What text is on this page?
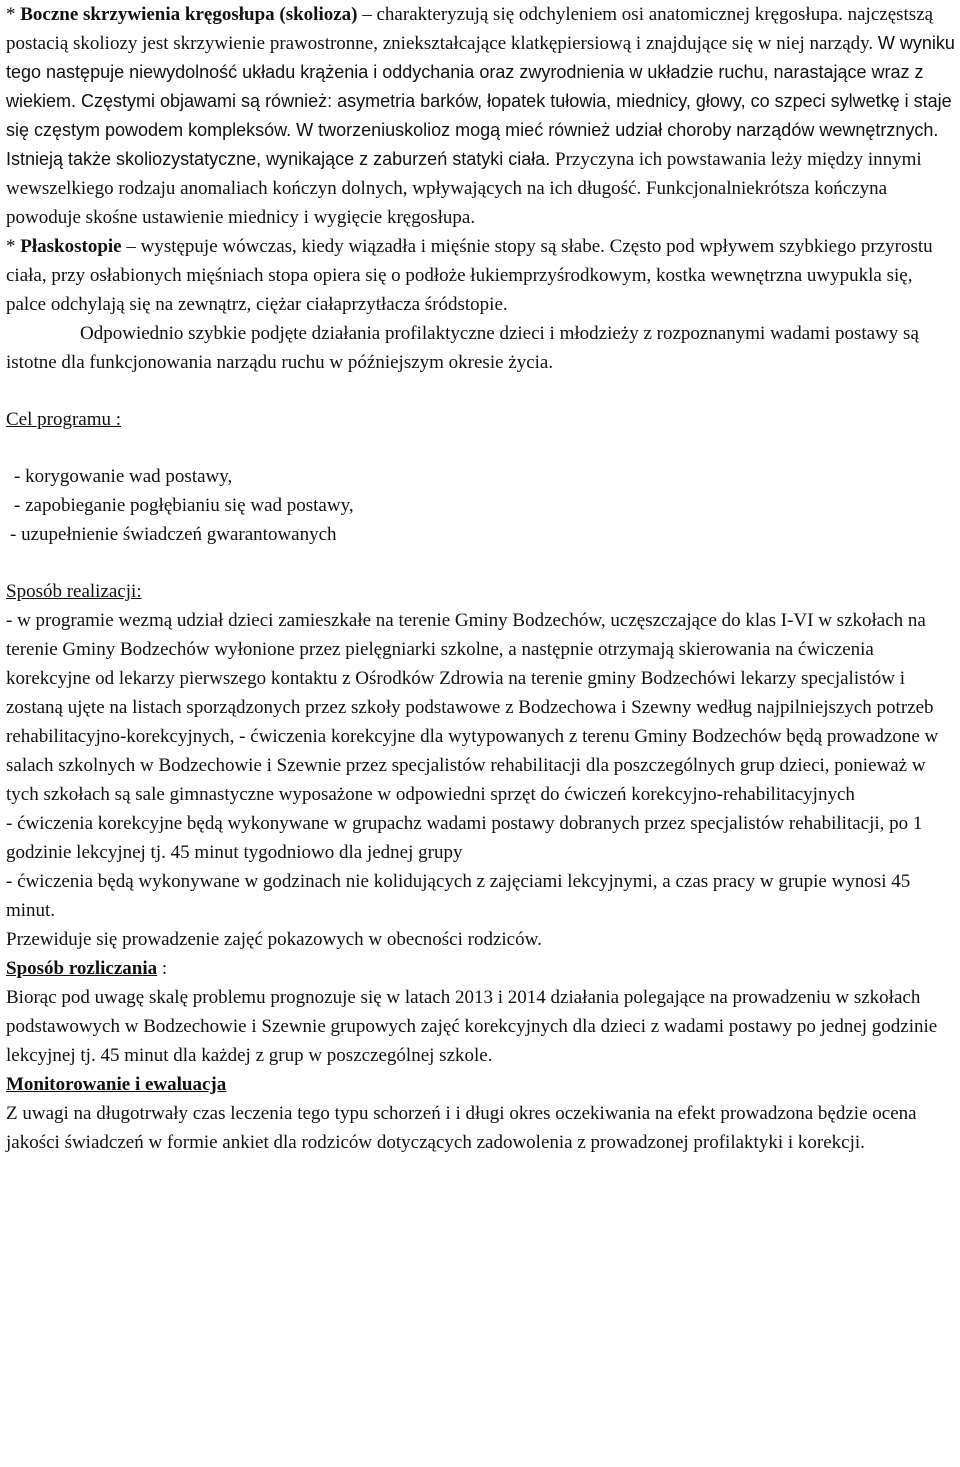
* Boczne skrzywienia kręgosłupa (skolioza) – charakteryzują się odchyleniem osi anatomicznej kręgosłupa. najczęstszą postacią skoliozy jest skrzywienie prawostronne, zniekształcające klatkępiersiową i znajdujące się w niej narządy. W wyniku tego następuje niewydolność układu krążenia i oddychania oraz zwyrodnienia w układzie ruchu, narastające wraz z wiekiem. Częstymi objawami są również: asymetria barków, łopatek tułowia, miednicy, głowy, co szpeci sylwetkę i staje się częstym powodem kompleksów. W tworzeniuskolioz mogą mieć również udział choroby narządów wewnętrznych. Istnieją także skoliozystatyczne, wynikające z zaburzeń statyki ciała. Przyczyna ich powstawania leży między innymi wewszelkiego rodzaju anomaliach kończyn dolnych, wpływających na ich długość. Funkcjonalniekrótsza kończyna powoduje skośne ustawienie miednicy i wygięcie kręgosłupa.

* Płaskostopie – występuje wówczas, kiedy wiązadła i mięśnie stopy są słabe. Często pod wpływem szybkiego przyrostu ciała, przy osłabionych mięśniach stopa opiera się o podłoże łukiemprzyśrodkowym, kostka wewnętrzna uwypukla się, palce odchylają się na zewnątrz, ciężar ciałaprzytłacza śródstopie.

Odpowiednio szybkie podjęte działania profilaktyczne dzieci i młodzieży z rozpoznanymi wadami postawy są istotne dla funkcjonowania narządu ruchu w późniejszym okresie życia.

Cel programu :

- korygowanie wad postawy,
- zapobieganie pogłębianiu się wad postawy,
- uzupełnienie świadczeń gwarantowanych

Sposób realizacji:

- w programie wezmą udział dzieci zamieszkałe na terenie Gminy Bodzechów, uczęszczające do klas I-VI w szkołach na terenie Gminy Bodzechów wyłonione przez pielęgniarki szkolne, a następnie otrzymają skierowania na ćwiczenia korekcyjne od lekarzy pierwszego kontaktu z Ośrodków Zdrowia na terenie gminy Bodzechówi lekarzy specjalistów i zostaną ujęte na listach sporządzonych przez szkoły podstawowe z Bodzechowa i Szewny według najpilniejszych potrzeb rehabilitacyjno-korekcyjnych, - ćwiczenia korekcyjne dla wytypowanych z terenu Gminy Bodzechów będą prowadzone w salach szkolnych w Bodzechowie i Szewnie przez specjalistów rehabilitacji dla poszczególnych grup dzieci, ponieważ w tych szkołach są sale gimnastyczne wyposażone w odpowiedni sprzęt do ćwiczeń korekcyjno-rehabilitacyjnych

- ćwiczenia korekcyjne będą wykonywane w grupachz wadami postawy dobranych przez specjalistów rehabilitacji, po 1 godzinie lekcyjnej tj. 45 minut tygodniowo dla jednej grupy

- ćwiczenia będą wykonywane w godzinach nie kolidujących z zajęciami lekcyjnymi, a czas pracy w grupie wynosi 45 minut.

Przewiduje się prowadzenie zajęć pokazowych w obecności rodziców.

Sposób rozliczania :

Biorąc pod uwagę skalę problemu prognozuje się w latach 2013 i 2014 działania polegające na prowadzeniu w szkołach podstawowych w Bodzechowie i Szewnie grupowych zajęć korekcyjnych dla dzieci z wadami postawy po jednej godzinie lekcyjnej tj. 45 minut dla każdej z grup w poszczególnej szkole.

Monitorowanie i ewaluacja

Z uwagi na długotrwały czas leczenia tego typu schorzeń i i długi okres oczekiwania na efekt prowadzona będzie ocena jakości świadczeń w formie ankiet dla rodziców dotyczących zadowolenia z prowadzonej profilaktyki i korekcji.
